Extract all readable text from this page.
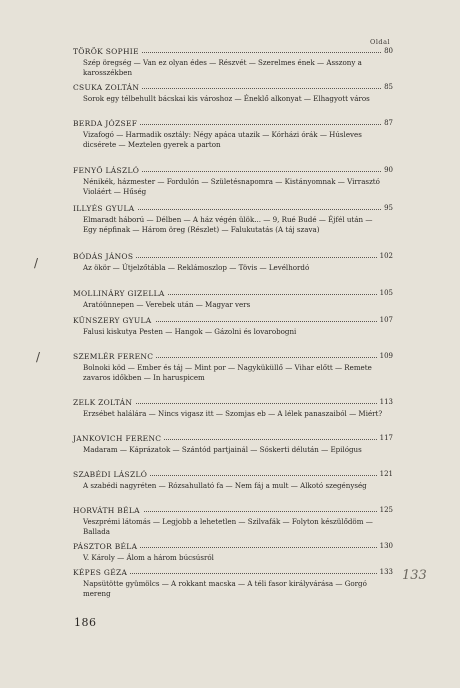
Oldal
TÖRÖK SOPHIE	80
Szép öregség — Van ez olyan édes — Részvét — Szerelmes ének — Asszony a karosszékben
CSUKA ZOLTÁN	85
Sorok egy télbehullt bácskai kis városhoz — Éneklő alkonyat — Elhagyott város
BERDA JÓZSEF	87
Vizafogó — Harmadik osztály: Négy apáca utazik — Kórházi órák — Húsleves dicsérete — Meztelen gyerek a parton
FENYŐ LÁSZLÓ	90
Nénikék, házmester — Fordulón — Születésnapomra — Kistányomnak — Virrasztó Violáért — Hűség
ILLYÉS GYULA	95
Elmaradt háború — Délben — A ház végén ülök... — 9, Rué Budé — Éjfél után — Egy népfinak — Három öreg (Részlet) — Falukutatás (A táj szava)
BÓDÁS JÁNOS	102
Az ökör — Útjelzőtábla — Reklámoszlop — Tövis — Levélhordó
MOLLINÁRY GIZELLA	105
Aratóünnepen — Verebek után — Magyar vers
KÜNSZERY GYULA	107
Falusi kiskutya Pesten — Hangok — Gázolni és lovarobogni
SZEMLÉR FERENC	109
Bolnoki köd — Ember és táj — Mint por — Nagyküküllő — Vihar előtt — Remete zavaros időkben — In haruspicem
ZELK ZOLTÁN	113
Erzsébet halálára — Nincs vigasz itt — Szomjas eb — A lélek panaszaiból — Miért?
JANKOVICH FERENC	117
Madaram — Káprázatok — Szántód partjainál — Sóskerti délután — Epilógus
SZABÉDI LÁSZLÓ	121
A szabédi nagyréten — Rózsahullató fa — Nem fáj a mult — Alkotó szegénység
HORVÁTH BÉLA	125
Veszprémi látomás — Legjobb a lehetetlen — Szilvafák — Folyton készülődöm — Ballada
PÁSZTOR BÉLA	130
V. Károly — Álom a három búcsúsról
KÉPES GÉZA	133
Napsütötte gyümölcs — A rokkant macska — A téli fasor királyvárása — Gorgó mereng
/
/
133
186
